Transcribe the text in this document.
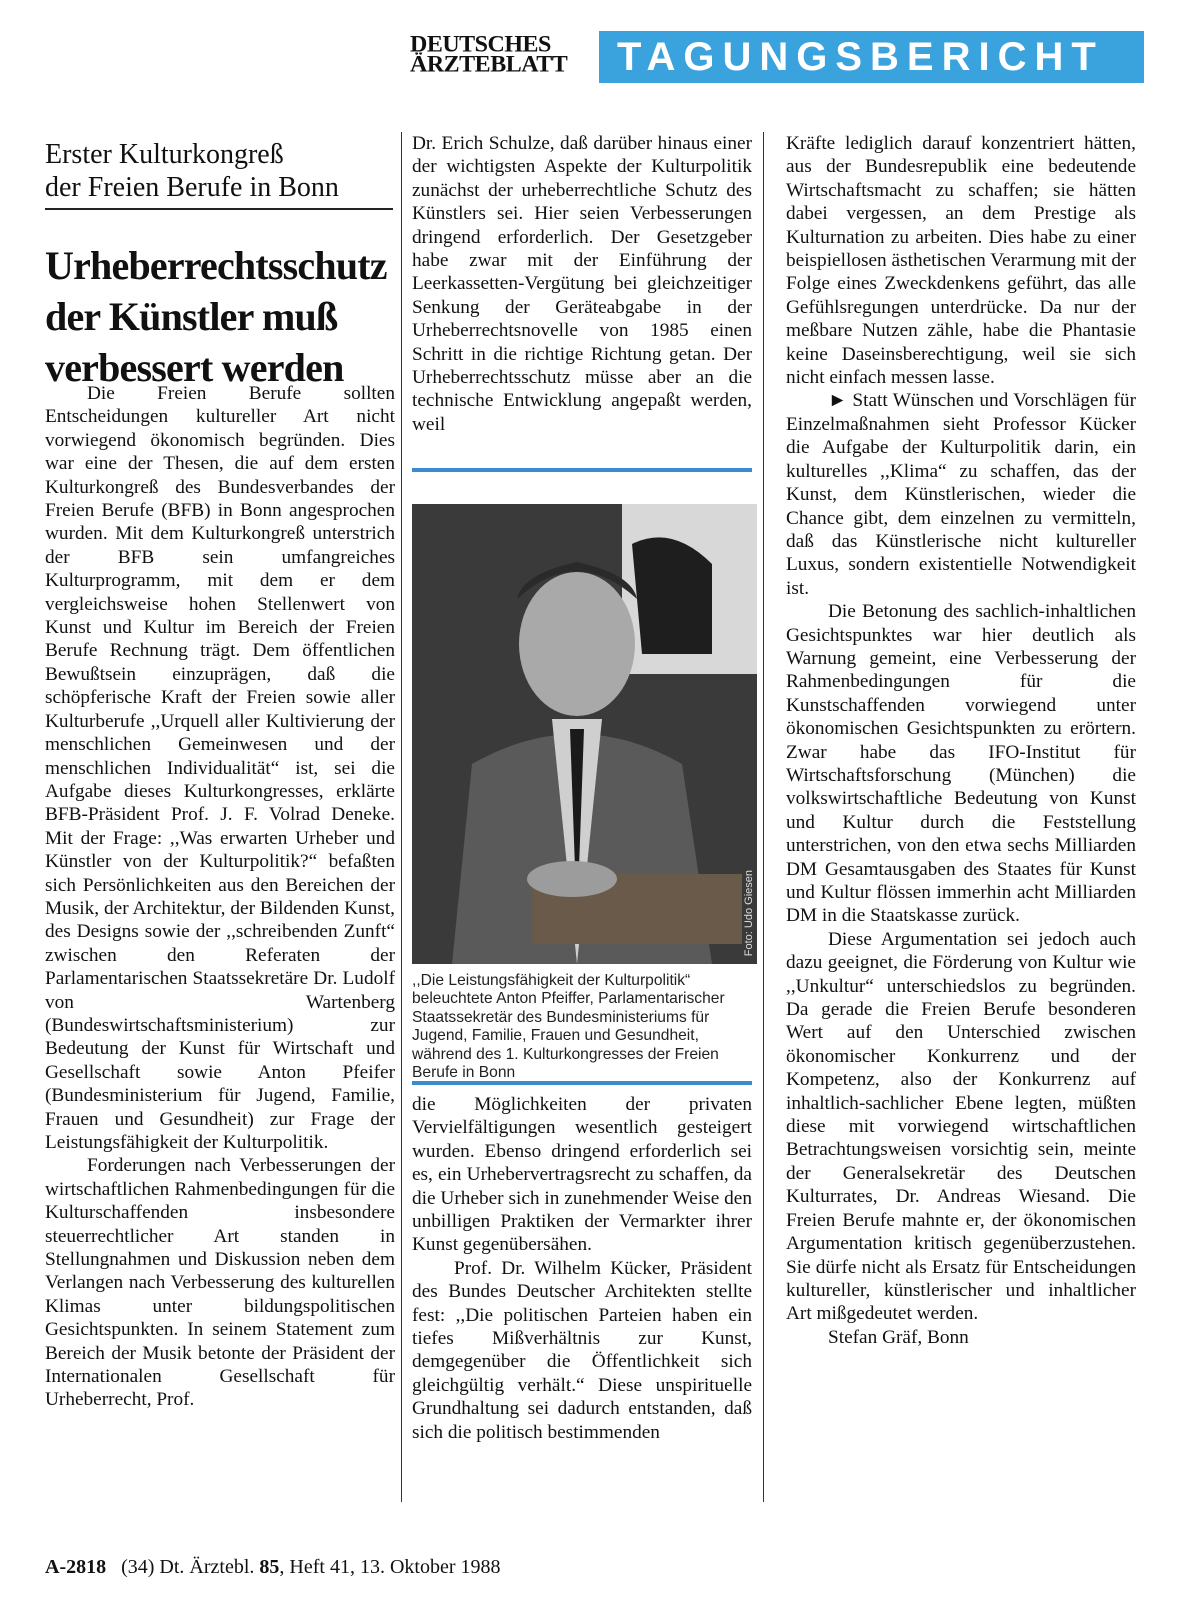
DEUTSCHES
ÄRZTEBLATT	TAGUNGSBERICHT
Erster Kulturkongreß
der Freien Berufe in Bonn
Urheberrechtsschutz
der Künstler muß
verbessert werden

Die Freien Berufe sollten Entscheidungen kultureller Art nicht vorwiegend ökonomisch begründen. Dies war eine der Thesen, die auf dem ersten Kulturkongreß des Bundesverbandes der Freien Berufe (BFB) in Bonn angesprochen wurden. Mit dem Kulturkongreß unterstrich der BFB sein umfangreiches Kulturprogramm, mit dem er dem vergleichsweise hohen Stellenwert von Kunst und Kultur im Bereich der Freien Berufe Rechnung trägt. Dem öffentlichen Bewußtsein einzuprägen, daß die schöpferische Kraft der Freien sowie aller Kulturberufe ,,Urquell aller Kultivierung der menschlichen Gemeinwesen und der menschlichen Individualität“ ist, sei die Aufgabe dieses Kulturkongresses, erklärte BFB-Präsident Prof. J. F. Volrad Deneke. Mit der Frage: ,,Was erwarten Urheber und Künstler von der Kulturpolitik?“ befaßten sich Persönlichkeiten aus den Bereichen der Musik, der Architektur, der Bildenden Kunst, des Designs sowie der ,,schreibenden Zunft“ zwischen den Referaten der Parlamentarischen Staatssekretäre Dr. Ludolf von Wartenberg (Bundeswirtschaftsministerium) zur Bedeutung der Kunst für Wirtschaft und Gesellschaft sowie Anton Pfeifer (Bundesministerium für Jugend, Familie, Frauen und Gesundheit) zur Frage der Leistungsfähigkeit der Kulturpolitik.

Forderungen nach Verbesserungen der wirtschaftlichen Rahmenbedingungen für die Kulturschaffenden insbesondere steuerrechtlicher Art standen in Stellungnahmen und Diskussion neben dem Verlangen nach Verbesserung des kulturellen Klimas unter bildungspolitischen Gesichtspunkten. In seinem Statement zum Bereich der Musik betonte der Präsident der Internationalen Gesellschaft für Urheberrecht, Prof.

Dr. Erich Schulze, daß darüber hinaus einer der wichtigsten Aspekte der Kulturpolitik zunächst der urheberrechtliche Schutz des Künstlers sei. Hier seien Verbesserungen dringend erforderlich. Der Gesetzgeber habe zwar mit der Einführung der Leerkassetten-Vergütung bei gleichzeitiger Senkung der Geräteabgabe in der Urheberrechtsnovelle von 1985 einen Schritt in die richtige Richtung getan. Der Urheberrechtsschutz müsse aber an die technische Entwicklung angepaßt werden, weil

Foto: Udo Giesen
,,Die Leistungsfähigkeit der Kulturpolitik“ beleuchtete Anton Pfeiffer, Parlamentarischer Staatssekretär des Bundesministeriums für Jugend, Familie, Frauen und Gesundheit, während des 1. Kulturkongresses der Freien Berufe in Bonn

die Möglichkeiten der privaten Vervielfältigungen wesentlich gesteigert wurden. Ebenso dringend erforderlich sei es, ein Urhebervertragsrecht zu schaffen, da die Urheber sich in zunehmender Weise den unbilligen Praktiken der Vermarkter ihrer Kunst gegenübersähen.

Prof. Dr. Wilhelm Kücker, Präsident des Bundes Deutscher Architekten stellte fest: ,,Die politischen Parteien haben ein tiefes Mißverhältnis zur Kunst, demgegenüber die Öffentlichkeit sich gleichgültig verhält.“ Diese unspirituelle Grundhaltung sei dadurch entstanden, daß sich die politisch bestimmenden

Kräfte lediglich darauf konzentriert hätten, aus der Bundesrepublik eine bedeutende Wirtschaftsmacht zu schaffen; sie hätten dabei vergessen, an dem Prestige als Kulturnation zu arbeiten. Dies habe zu einer beispiellosen ästhetischen Verarmung mit der Folge eines Zweckdenkens geführt, das alle Gefühlsregungen unterdrücke. Da nur der meßbare Nutzen zähle, habe die Phantasie keine Daseinsberechtigung, weil sie sich nicht einfach messen lasse.

► Statt Wünschen und Vorschlägen für Einzelmaßnahmen sieht Professor Kücker die Aufgabe der Kulturpolitik darin, ein kulturelles ,,Klima“ zu schaffen, das der Kunst, dem Künstlerischen, wieder die Chance gibt, dem einzelnen zu vermitteln, daß das Künstlerische nicht kultureller Luxus, sondern existentielle Notwendigkeit ist.

Die Betonung des sachlich-inhaltlichen Gesichtspunktes war hier deutlich als Warnung gemeint, eine Verbesserung der Rahmenbedingungen für die Kunstschaffenden vorwiegend unter ökonomischen Gesichtspunkten zu erörtern. Zwar habe das IFO-Institut für Wirtschaftsforschung (München) die volkswirtschaftliche Bedeutung von Kunst und Kultur durch die Feststellung unterstrichen, von den etwa sechs Milliarden DM Gesamtausgaben des Staates für Kunst und Kultur flössen immerhin acht Milliarden DM in die Staatskasse zurück.

Diese Argumentation sei jedoch auch dazu geeignet, die Förderung von Kultur wie ,,Unkultur“ unterschiedslos zu begründen. Da gerade die Freien Berufe besonderen Wert auf den Unterschied zwischen ökonomischer Konkurrenz und der Kompetenz, also der Konkurrenz auf inhaltlich-sachlicher Ebene legten, müßten diese mit vorwiegend wirtschaftlichen Betrachtungsweisen vorsichtig sein, meinte der Generalsekretär des Deutschen Kulturrates, Dr. Andreas Wiesand. Die Freien Berufe mahnte er, der ökonomischen Argumentation kritisch gegenüberzustehen. Sie dürfe nicht als Ersatz für Entscheidungen kultureller, künstlerischer und inhaltlicher Art mißgedeutet werden.

Stefan Gräf, Bonn

A-2818 (34) Dt. Ärztebl. 85, Heft 41, 13. Oktober 1988
